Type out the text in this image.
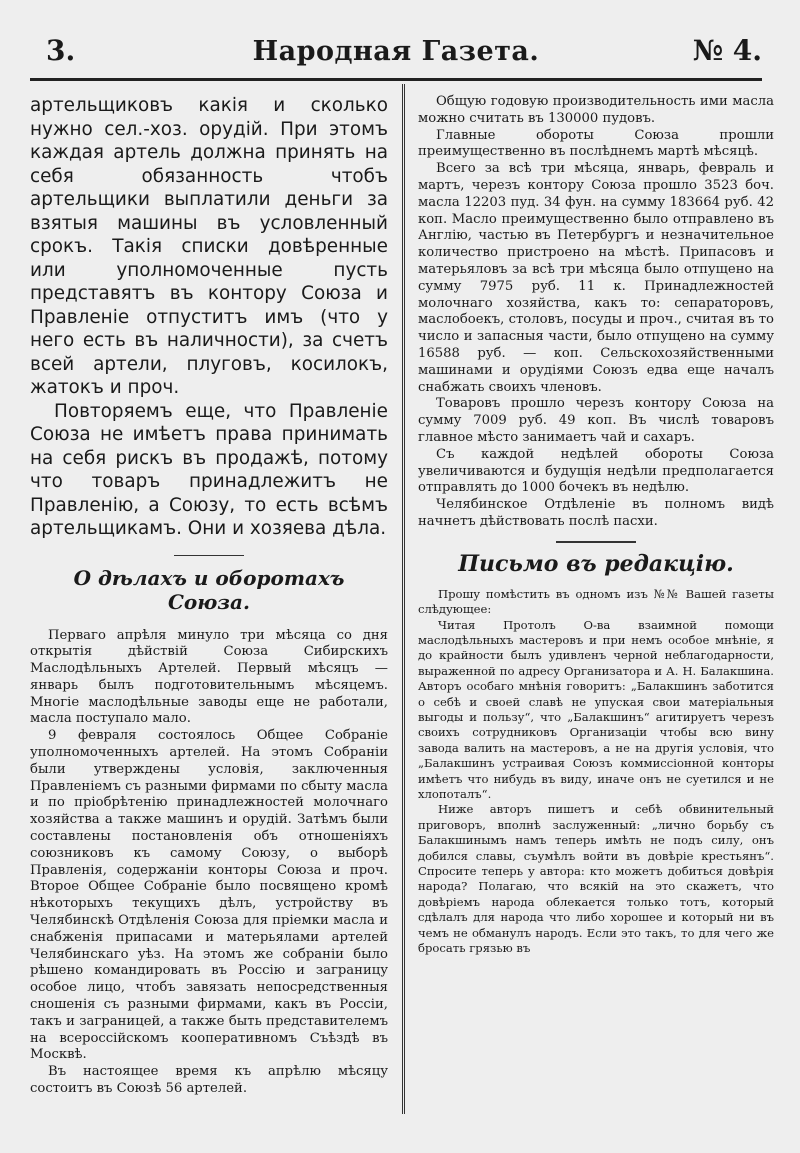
3.	Народная Газета.	№ 4.

артельщиковъ какія и сколько нужно сел.-хоз. орудій. При этомъ каждая артель должна принять на себя обязанность чтобъ артельщики выплатили деньги за взятыя машины въ условленный срокъ. Такія списки довѣренные или уполномоченные пусть представятъ въ контору Союза и Правленіе отпуститъ имъ (что у него есть въ наличности), за счетъ всей артели, плуговъ, косилокъ, жатокъ и проч.

Повторяемъ еще, что Правленіе Союза не имѣетъ права принимать на себя рискъ въ продажѣ, потому что товаръ принадлежитъ не Правленію, а Союзу, то есть всѣмъ артельщикамъ. Они и хозяева дѣла.

О дѣлахъ и оборотахъ Союза.

Перваго апрѣля минуло три мѣсяца со дня открытія дѣйствій Союза Сибирскихъ Маслодѣльныхъ Артелей. Первый мѣсяцъ — январь былъ подготовительнымъ мѣсяцемъ. Многіе маслодѣльные заводы еще не работали, масла поступало мало.

9 февраля состоялось Общее Собраніе уполномоченныхъ артелей. На этомъ Собраніи были утверждены условія, заключенныя Правленіемъ съ разными фирмами по сбыту масла и по пріобрѣтенію принадлежностей молочнаго хозяйства а также машинъ и орудій. Затѣмъ были составлены постановленія объ отношеніяхъ союзниковъ къ самому Союзу, о выборѣ Правленія, содержаніи конторы Союза и проч. Второе Общее Собраніе было посвящено кромѣ нѣкоторыхъ текущихъ дѣлъ, устройству въ Челябинскѣ Отдѣленія Союза для пріемки масла и снабженія припасами и матерьялами артелей Челябинскаго уѣз. На этомъ же собраніи было рѣшено командировать въ Россію и заграницу особое лицо, чтобъ завязать непосредственныя сношенія съ разными фирмами, какъ въ Россіи, такъ и заграницей, а также быть представителемъ на всероссійскомъ кооперативномъ Съѣздѣ въ Москвѣ.

Въ настоящее время къ апрѣлю мѣсяцу состоитъ въ Союзѣ 56 артелей.

Общую годовую производительность ими масла можно считать въ 130000 пудовъ.

Главные обороты Союза прошли преимущественно въ послѣднемъ мартѣ мѣсяцѣ.

Всего за всѣ три мѣсяца, январь, февраль и мартъ, черезъ контору Союза прошло 3523 боч. масла 12203 пуд. 34 фун. на сумму 183664 руб. 42 коп. Масло преимущественно было отправлено въ Англію, частью въ Петербургъ и незначительное количество пристроено на мѣстѣ. Припасовъ и матерьяловъ за всѣ три мѣсяца было отпущено на сумму 7975 руб. 11 к. Принадлежностей молочнаго хозяйства, какъ то: сепараторовъ, маслобоекъ, столовъ, посуды и проч., считая въ то число и запасныя части, было отпущено на сумму 16588 руб. — коп. Сельскохозяйственными машинами и орудіями Союзъ едва еще началъ снабжать своихъ членовъ.

Товаровъ прошло черезъ контору Союза на сумму 7009 руб. 49 коп. Въ числѣ товаровъ главное мѣсто занимаетъ чай и сахаръ.

Съ каждой недѣлей обороты Союза увеличиваются и будущія недѣли предполагается отправлять до 1000 бочекъ въ недѣлю.

Челябинское Отдѣленіе въ полномъ видѣ начнетъ дѣйствовать послѣ пасхи.

Письмо въ редакцію.

Прошу помѣстить въ одномъ изъ №№ Вашей газеты слѣдующее:

Читая Протолъ О-ва взаимной помощи маслодѣльныхъ мастеровъ и при немъ особое мнѣніе, я до крайности былъ удивленъ черной неблагодарности, выраженной по адресу Организатора и А. Н. Балакшина. Авторъ особаго мнѣнія говоритъ: „Балакшинъ заботится о себѣ и своей славѣ не упуская свои матеріальныя выгоды и пользу“, что „Балакшинъ“ агитируетъ черезъ своихъ сотрудниковъ Организаціи чтобы всю вину завода валить на мастеровъ, а не на другія условія, что „Балакшинъ устраивая Союзъ коммиссіонной конторы имѣетъ что нибудь въ виду, иначе онъ не суетился и не хлопоталъ“.

Ниже авторъ пишетъ и себѣ обвинительный приговоръ, вполнѣ заслуженный: „лично борьбу съ Балакшинымъ намъ теперь имѣть не подъ силу, онъ добился славы, съумѣлъ войти въ довѣріе крестьянъ“. Спросите теперь у автора: кто можетъ добиться довѣрія народа? Полагаю, что всякій на это скажетъ, что довѣріемъ народа облекается только тотъ, который сдѣлалъ для народа что либо хорошее и который ни въ чемъ не обманулъ народъ. Если это такъ, то для чего же бросать грязью въ
